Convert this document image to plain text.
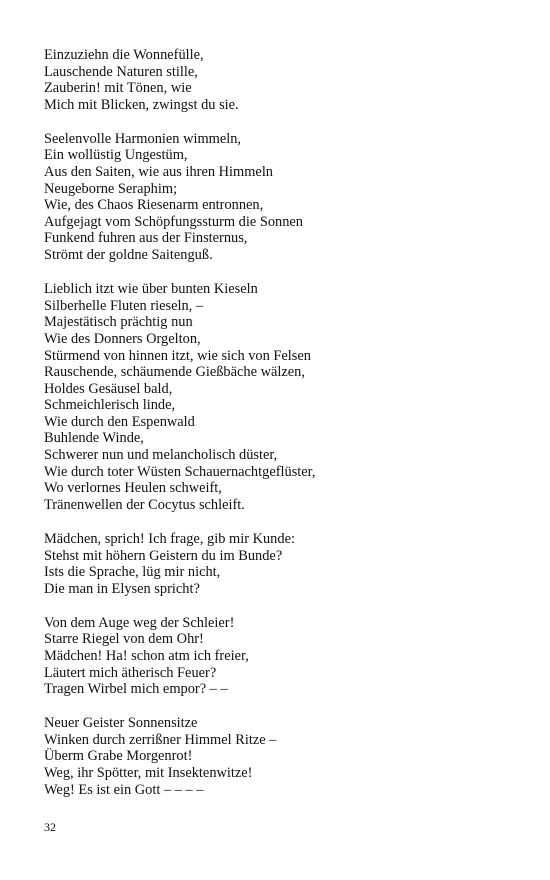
Einzuziehn die Wonnefülle,
Lauschende Naturen stille,
Zauberin! mit Tönen, wie
Mich mit Blicken, zwingst du sie.
Seelenvolle Harmonien wimmeln,
Ein wollüstig Ungestüm,
Aus den Saiten, wie aus ihren Himmeln
Neugeborne Seraphim;
Wie, des Chaos Riesenarm entronnen,
Aufgejagt vom Schöpfungssturm die Sonnen
Funkend fuhren aus der Finsternus,
Strömt der goldne Saitenguß.
Lieblich itzt wie über bunten Kieseln
Silberhelle Fluten rieseln, –
Majestätisch prächtig nun
Wie des Donners Orgelton,
Stürmend von hinnen itzt, wie sich von Felsen
Rauschende, schäumende Gießbäche wälzen,
Holdes Gesäusel bald,
Schmeichlerisch linde,
Wie durch den Espenwald
Buhlende Winde,
Schwerer nun und melancholisch düster,
Wie durch toter Wüsten Schauernachtgeflüster,
Wo verlornes Heulen schweift,
Tränenwellen der Cocytus schleift.
Mädchen, sprich! Ich frage, gib mir Kunde:
Stehst mit höhern Geistern du im Bunde?
Ists die Sprache, lüg mir nicht,
Die man in Elysen spricht?
Von dem Auge weg der Schleier!
Starre Riegel von dem Ohr!
Mädchen! Ha! schon atm ich freier,
Läutert mich ätherisch Feuer?
Tragen Wirbel mich empor? – –
Neuer Geister Sonnensitze
Winken durch zerrißner Himmel Ritze –
Überm Grabe Morgenrot!
Weg, ihr Spötter, mit Insektenwitze!
Weg! Es ist ein Gott – – – –
32
